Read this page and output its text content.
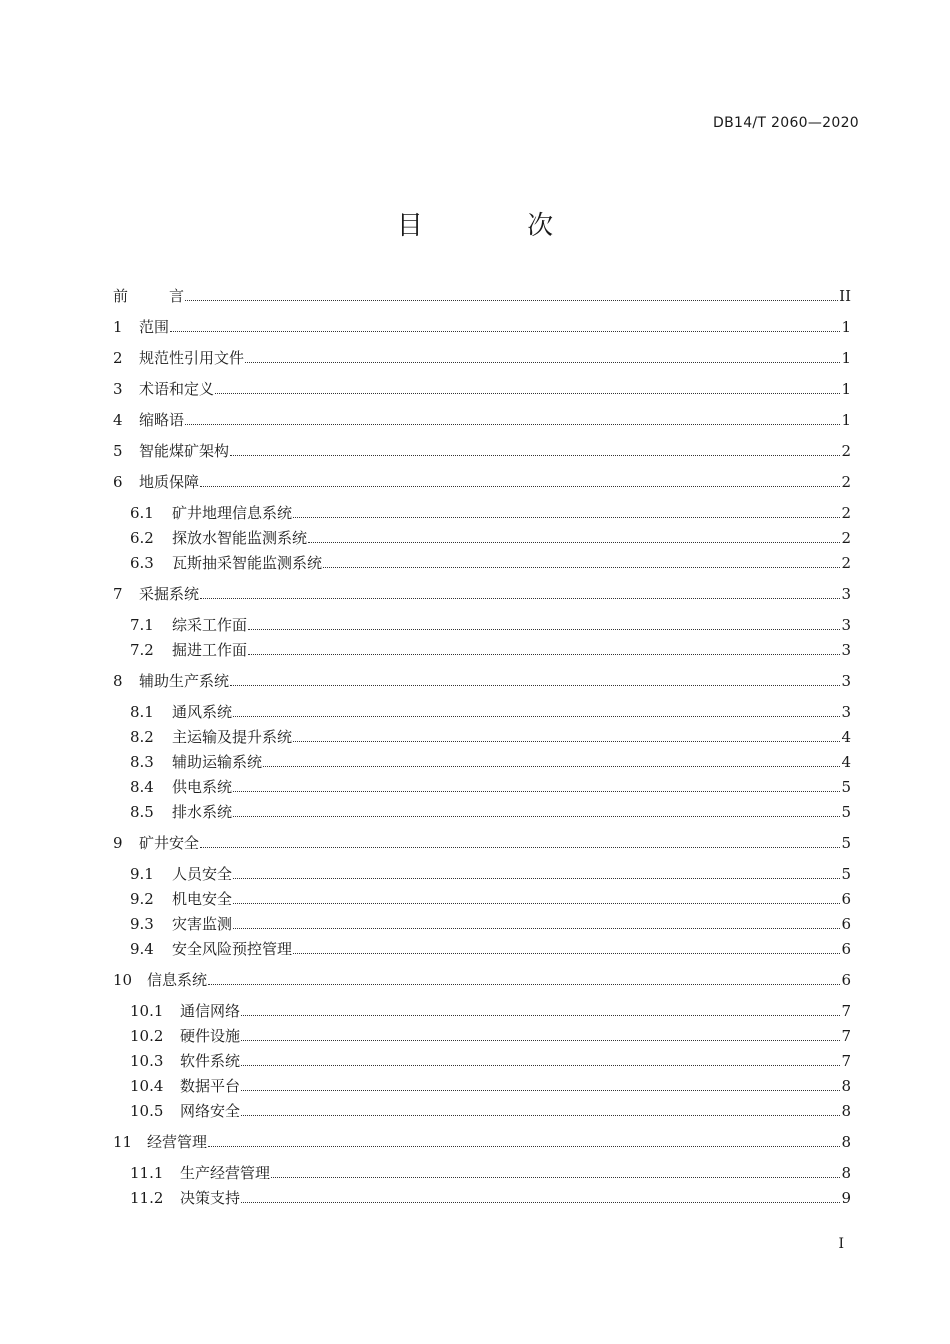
DB14/T 2060—2020
目 次
前	言	II
1	范围	1
2	规范性引用文件	1
3	术语和定义	1
4	缩略语	1
5	智能煤矿架构	2
6	地质保障	2
6.1	矿井地理信息系统	2
6.2	探放水智能监测系统	2
6.3	瓦斯抽采智能监测系统	2
7	采掘系统	3
7.1	综采工作面	3
7.2	掘进工作面	3
8	辅助生产系统	3
8.1	通风系统	3
8.2	主运输及提升系统	4
8.3	辅助运输系统	4
8.4	供电系统	5
8.5	排水系统	5
9	矿井安全	5
9.1	人员安全	5
9.2	机电安全	6
9.3	灾害监测	6
9.4	安全风险预控管理	6
10 信息系统	6
10.1	通信网络	7
10.2	硬件设施	7
10.3	软件系统	7
10.4	数据平台	8
10.5	网络安全	8
11 经营管理	8
11.1	生产经营管理	8
11.2	决策支持	9
I
